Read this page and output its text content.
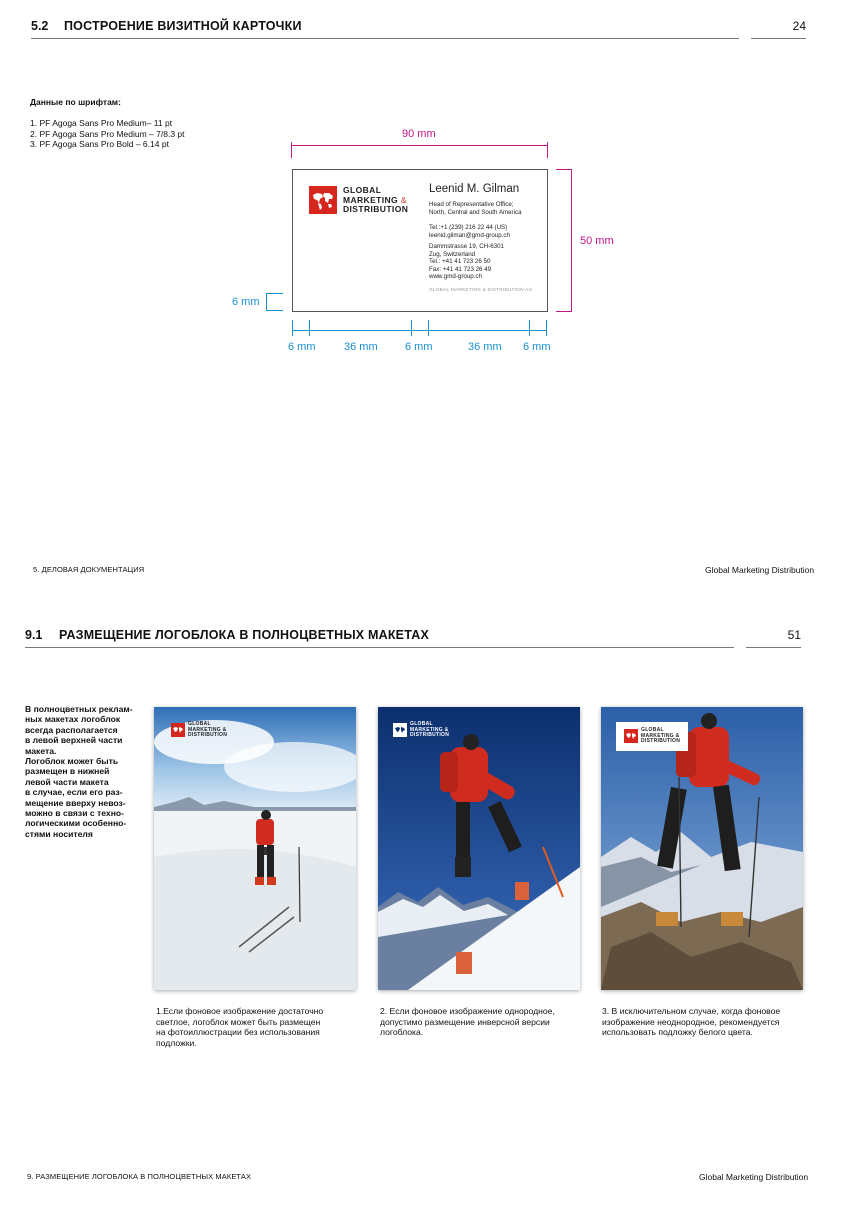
5.2 ПОСТРОЕНИЕ ВИЗИТНОЙ КАРТОЧКИ	24
Данные по шрифтам:
1. PF Agoga Sans Pro Medium– 11 pt
2. PF Agoga Sans Pro Medium – 7/8.3 pt
3. PF Agoga Sans Pro Bold – 6.14 pt
90 mm
50 mm
6 mm
6 mm	36 mm 6 mm	36 mm 6 mm
GLOBAL
MARKETING &
DISTRIBUTION
Leenid M. Gilman
Head of Representative Office;
North, Central and South America
Tel.:+1 (239) 216 22 44 (US)
leenid.gilman@gmd-group.ch
Dammstrasse 19, CH-6301
Zug, Switzerland
Tel.: +41 41 723 26 50
Fax: +41 41 723 26 49
www.gmd-group.ch
GLOBAL MARKETING & DISTRIBUTION AG
5. ДЕЛОВАЯ ДОКУМЕНТАЦИЯ	Global Marketing Distribution
9.1 РАЗМЕЩЕНИЕ ЛОГОБЛОКА В ПОЛНОЦВЕТНЫХ МАКЕТАХ	51
В полноцветных реклам-
ных макетах логоблок
всегда располагается
в левой верхней части
макета.
Логоблок может быть
размещен в нижней
левой части макета
в случае, если его раз-
мещение вверху невоз-
можно в связи с техно-
логическими особенно-
стями носителя
GLOBAL
MARKETING &
DISTRIBUTION
GLOBAL
MARKETING &
DISTRIBUTION
GLOBAL
MARKETING &
DISTRIBUTION
1.Если фоновое изображение достаточно
светлое, логоблок может быть размещен
на фотоиллюстрации без использования
подложки.
2. Если фоновое изображение однородное,
допустимо размещение инверсной версии
логоблока.
3. В исключительном случае, когда фоновое
изображение неоднородное, рекомендуется
использовать подложку белого цвета.
9. РАЗМЕЩЕНИЕ ЛОГОБЛОКА В ПОЛНОЦВЕТНЫХ МАКЕТАХ	Global Marketing Distribution
